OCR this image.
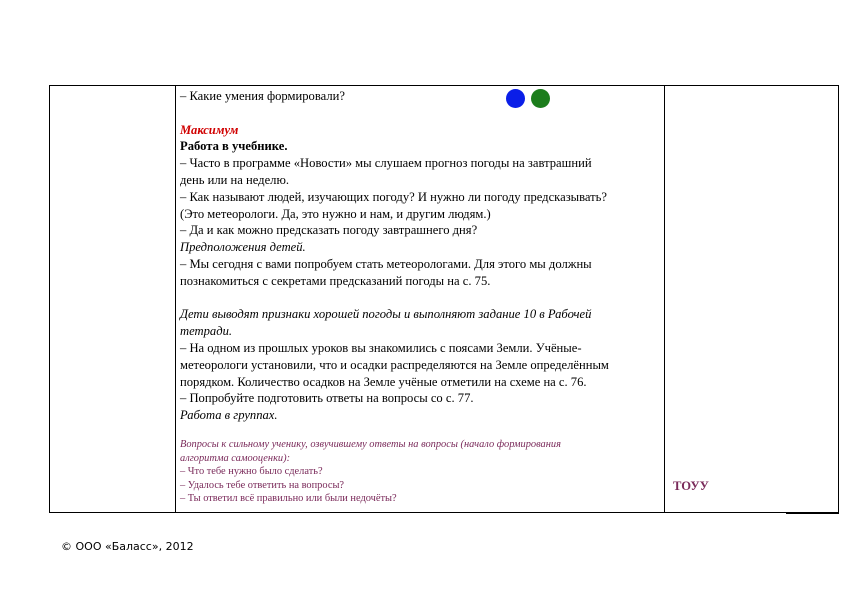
– Какие умения формировали?
Максимум
Работа в учебнике.
– Часто в программе «Новости» мы слушаем прогноз погоды на завтрашний
день или на неделю.
– Как называют людей, изучающих погоду? И нужно ли погоду предсказывать?
(Это метеорологи. Да, это нужно и нам, и другим людям.)
– Да и как можно предсказать погоду завтрашнего дня?
Предположения детей.
– Мы сегодня с вами попробуем стать метеорологами. Для этого мы должны
познакомиться с секретами предсказаний погоды на с. 75.
Дети выводят признаки хорошей погоды и выполняют задание 10 в Рабочей
тетради.
– На одном из прошлых уроков вы знакомились с поясами Земли. Учёные-
метеорологи установили, что и осадки распределяются на Земле определённым
порядком. Количество осадков на Земле учёные отметили на схеме на с. 76.
– Попробуйте подготовить ответы на вопросы со с. 77.
Работа в группах.
Вопросы к сильному ученику, озвучившему ответы на вопросы (начало формирования
алгоритма самооценки):
– Что тебе нужно было сделать?
– Удалось тебе ответить на вопросы?
– Ты ответил всё правильно или были недочёты?
ТОУУ
© ООО «Баласс», 2012
